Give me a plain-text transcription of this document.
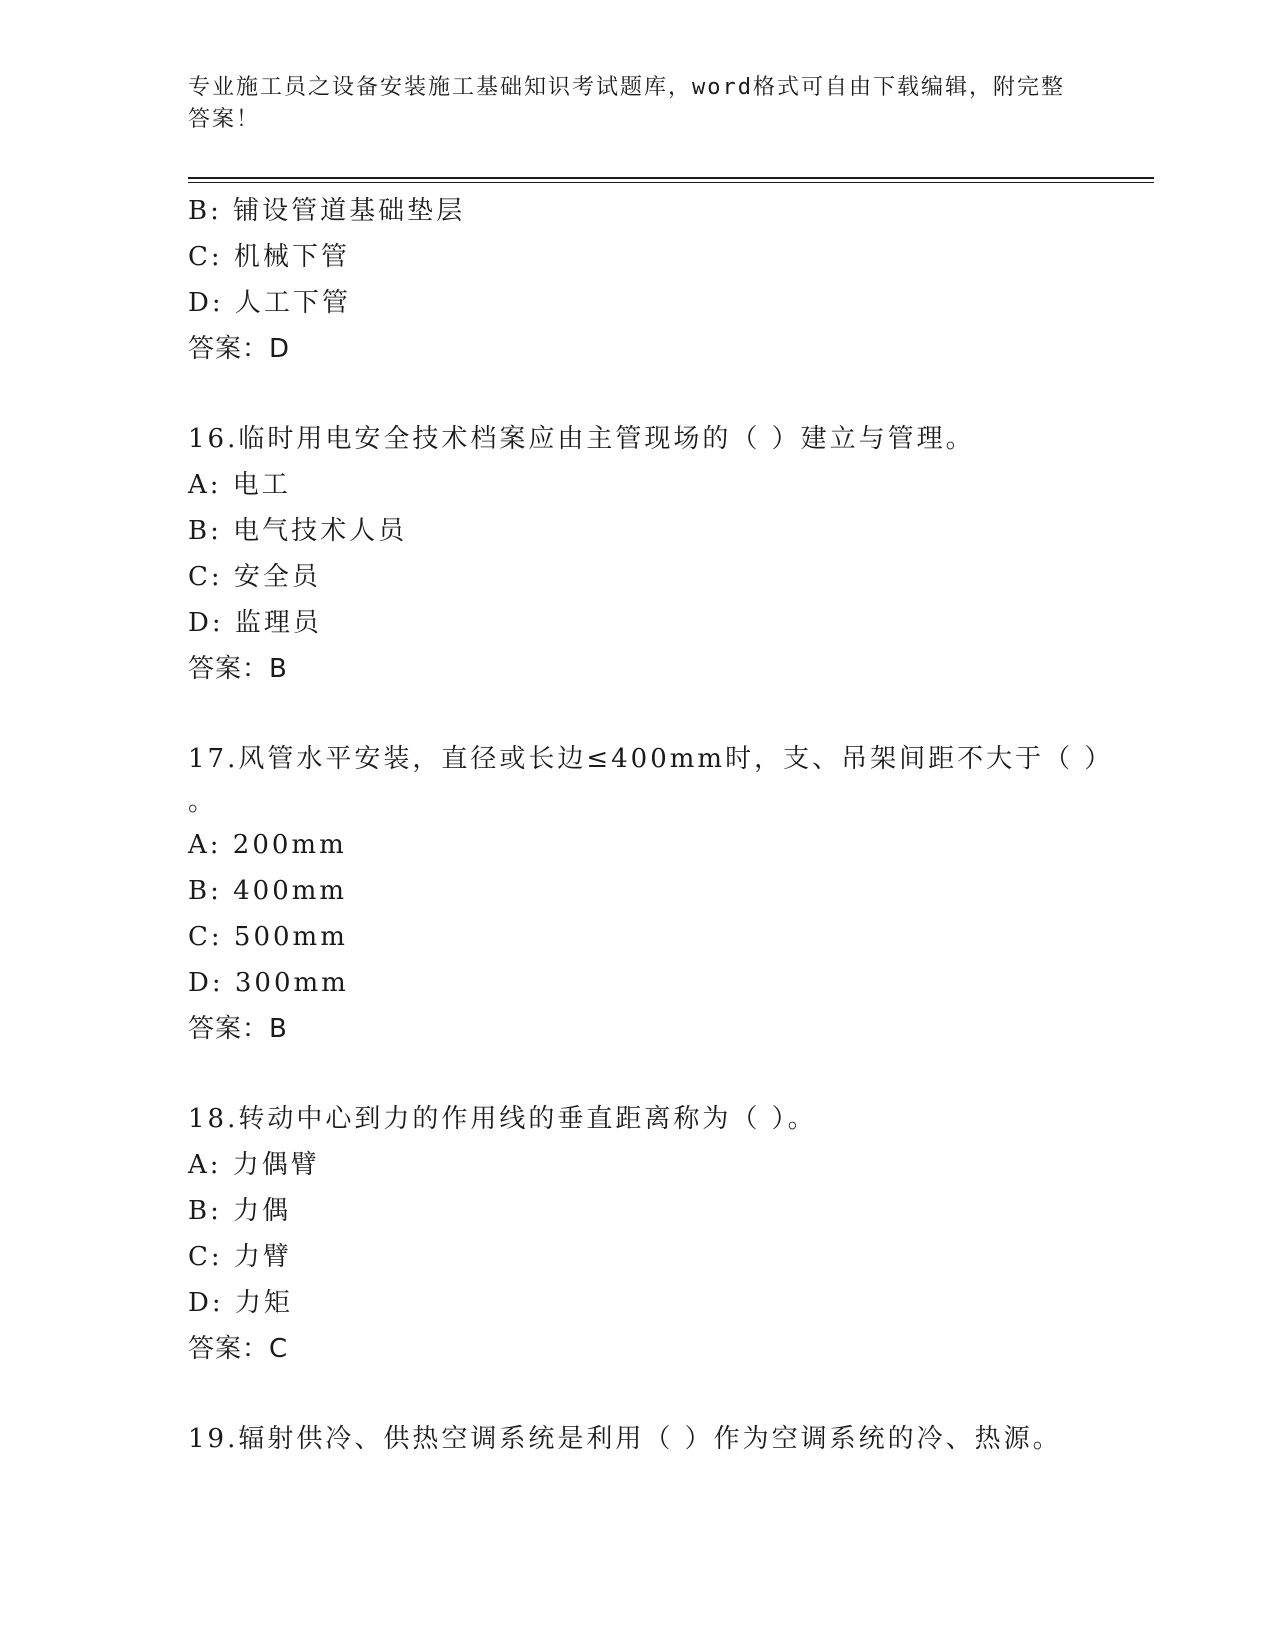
专业施工员之设备安装施工基础知识考试题库，word格式可自由下载编辑，附完整答案！
B: 铺设管道基础垫层
C: 机械下管
D: 人工下管
答案：D
16.临时用电安全技术档案应由主管现场的（ ）建立与管理。
A: 电工
B: 电气技术人员
C: 安全员
D: 监理员
答案：B
17.风管水平安装，直径或长边≤400mm时，支、吊架间距不大于（ ）
。
A: 200mm
B: 400mm
C: 500mm
D: 300mm
答案：B
18.转动中心到力的作用线的垂直距离称为（ ）。
A: 力偶臂
B: 力偶
C: 力臂
D: 力矩
答案：C
19.辐射供冷、供热空调系统是利用（ ）作为空调系统的冷、热源。
